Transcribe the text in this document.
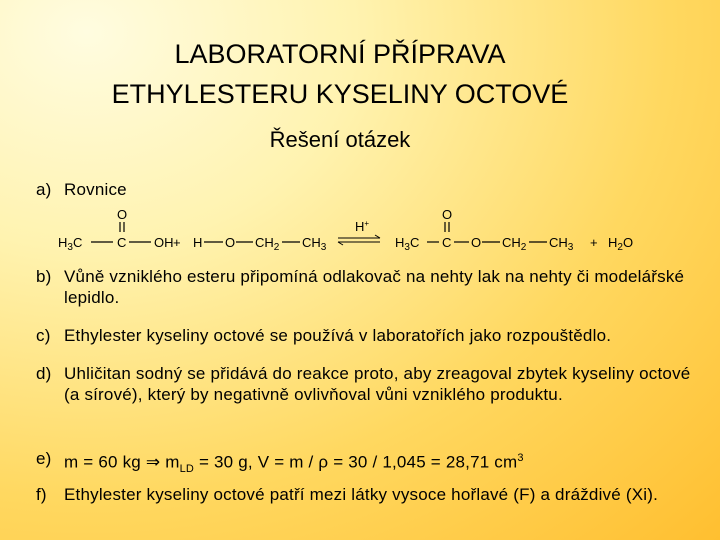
LABORATORNÍ PŘÍPRAVA
ETHYLESTERU KYSELINY OCTOVÉ
Řešení otázek
a) Rovnice
O
$H_3C$	C OH + H O $CH_2$ $CH_3$
H+
O
$H_3C$ C O $CH_2$ $CH_3 + H_2O$
b) Vůně vzniklého esteru připomíná odlakovač na nehty lak na nehty či modelářské lepidlo.
c) Ethylester kyseliny octové se používá v laboratořích jako rozpouštědlo.
d) Uhličitan sodný se přidává do reakce proto, aby zreagoval zbytek kyseliny octové (a sírové), který by negativně ovlivňoval vůni vzniklého produktu.
e) m = 60 kg ⇒ $m_{LD} = 30$ g, V = m / ρ = 30 / 1,045 = 28,71 $cm^3$
f) Ethylester kyseliny octové patří mezi látky vysoce hořlavé (F) a dráždivé (Xi).
